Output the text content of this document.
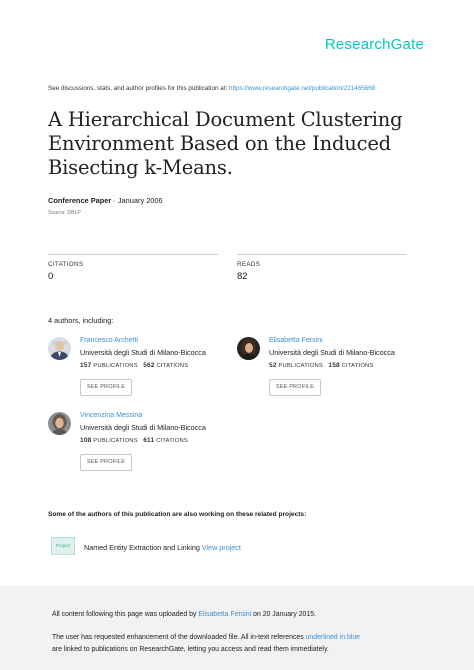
ResearchGate
See discussions, stats, and author profiles for this publication at: https://www.researchgate.net/publication/221465668
A Hierarchical Document Clustering Environment Based on the Induced Bisecting k-Means.
Conference Paper · January 2006
Source: DBLP
CITATIONS
0
READS
82
4 authors, including:
Francesco Archetti
Università degli Studi di Milano-Bicocca
157 PUBLICATIONS 562 CITATIONS
SEE PROFILE
Elisabetta Fersini
Università degli Studi di Milano-Bicocca
52 PUBLICATIONS 158 CITATIONS
SEE PROFILE
Vincenzina Messina
Università degli Studi di Milano-Bicocca
108 PUBLICATIONS 611 CITATIONS
SEE PROFILE
Some of the authors of this publication are also working on these related projects:
Project	Named Entity Extraction and Linking View project
All content following this page was uploaded by Elisabetta Fersini on 20 January 2015.
The user has requested enhancement of the downloaded file. All in-text references underlined in blue
are linked to publications on ResearchGate, letting you access and read them immediately.
